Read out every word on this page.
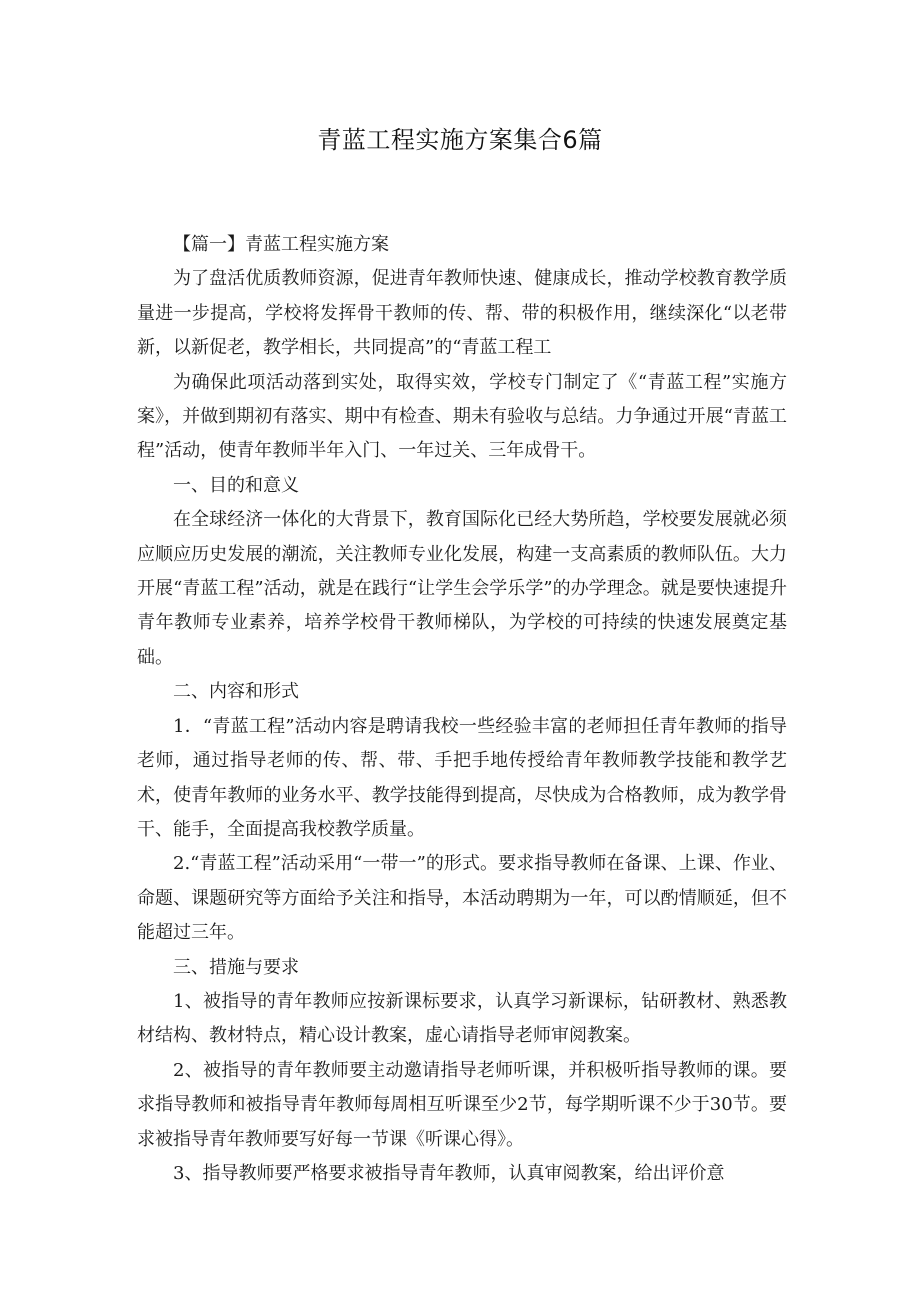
青蓝工程实施方案集合6篇

【篇一】青蓝工程实施方案

为了盘活优质教师资源，促进青年教师快速、健康成长，推动学校教育教学质量进一步提高，学校将发挥骨干教师的传、帮、带的积极作用，继续深化“以老带新，以新促老，教学相长，共同提高”的“青蓝工程工

为确保此项活动落到实处，取得实效，学校专门制定了《“青蓝工程”实施方案》，并做到期初有落实、期中有检查、期未有验收与总结。力争通过开展“青蓝工程”活动，使青年教师半年入门、一年过关、三年成骨干。

一、目的和意义

在全球经济一体化的大背景下，教育国际化已经大势所趋，学校要发展就必须应顺应历史发展的潮流，关注教师专业化发展，构建一支高素质的教师队伍。大力开展“青蓝工程”活动，就是在践行“让学生会学乐学”的办学理念。就是要快速提升青年教师专业素养，培养学校骨干教师梯队，为学校的可持续的快速发展奠定基础。

二、内容和形式

1．“青蓝工程”活动内容是聘请我校一些经验丰富的老师担任青年教师的指导老师，通过指导老师的传、帮、带、手把手地传授给青年教师教学技能和教学艺术，使青年教师的业务水平、教学技能得到提高，尽快成为合格教师，成为教学骨干、能手，全面提高我校教学质量。

2.“青蓝工程”活动采用“一带一”的形式。要求指导教师在备课、上课、作业、命题、课题研究等方面给予关注和指导，本活动聘期为一年，可以酌情顺延，但不能超过三年。

三、措施与要求

1、被指导的青年教师应按新课标要求，认真学习新课标，钻研教材、熟悉教材结构、教材特点，精心设计教案，虚心请指导老师审阅教案。

2、被指导的青年教师要主动邀请指导老师听课，并积极听指导教师的课。要求指导教师和被指导青年教师每周相互听课至少2节，每学期听课不少于30节。要求被指导青年教师要写好每一节课《听课心得》。

3、指导教师要严格要求被指导青年教师，认真审阅教案，给出评价意
